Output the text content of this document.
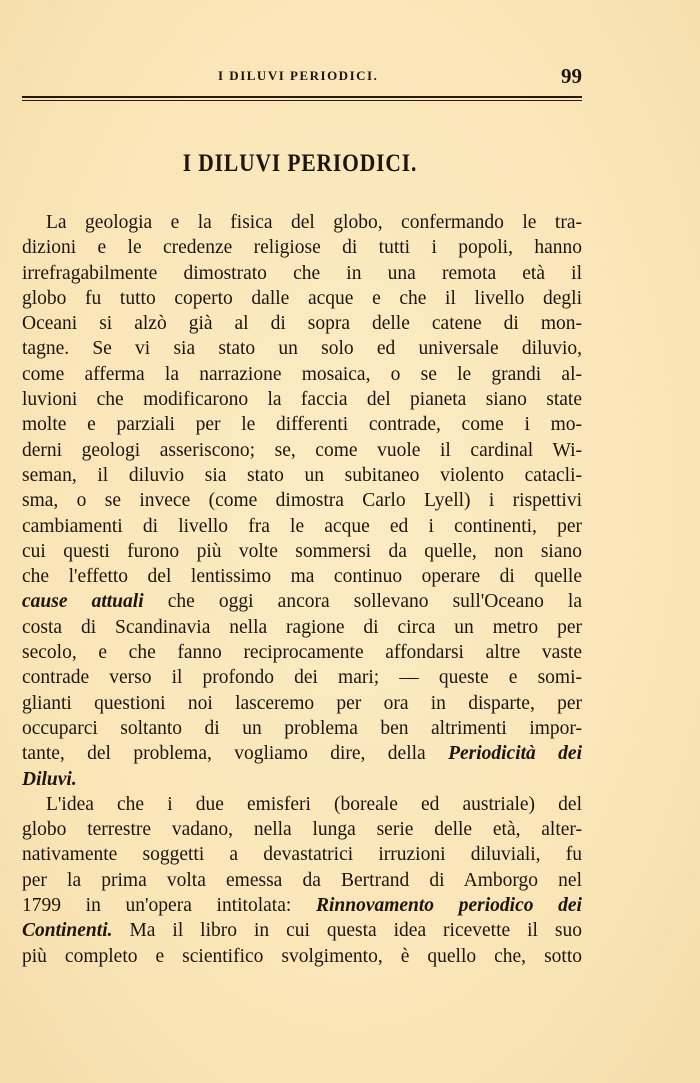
I DILUVI PERIODICI.	99
I DILUVI PERIODICI.
La geologia e la fisica del globo, confermando le tra-
dizioni e le credenze religiose di tutti i popoli, hanno
irrefragabilmente dimostrato che in una remota età il
globo fu tutto coperto dalle acque e che il livello degli
Oceani si alzò già al di sopra delle catene di mon-
tagne. Se vi sia stato un solo ed universale diluvio,
come afferma la narrazione mosaica, o se le grandi al-
luvioni che modificarono la faccia del pianeta siano state
molte e parziali per le differenti contrade, come i mo-
derni geologi asseriscono; se, come vuole il cardinal Wi-
seman, il diluvio sia stato un subitaneo violento catacli-
sma, o se invece (come dimostra Carlo Lyell) i rispettivi
cambiamenti di livello fra le acque ed i continenti, per
cui questi furono più volte sommersi da quelle, non siano
che l'effetto del lentissimo ma continuo operare di quelle
cause attuali che oggi ancora sollevano sull'Oceano la
costa di Scandinavia nella ragione di circa un metro per
secolo, e che fanno reciprocamente affondarsi altre vaste
contrade verso il profondo dei mari; — queste e somi-
glianti questioni noi lasceremo per ora in disparte, per
occuparci soltanto di un problema ben altrimenti impor-
tante, del problema, vogliamo dire, della Periodicità dei
Diluvi.
L'idea che i due emisferi (boreale ed austriale) del
globo terrestre vadano, nella lunga serie delle età, alter-
nativamente soggetti a devastatrici irruzioni diluviali, fu
per la prima volta emessa da Bertrand di Amborgo nel
1799 in un'opera intitolata: Rinnovamento periodico dei
Continenti. Ma il libro in cui questa idea ricevette il suo
più completo e scientifico svolgimento, è quello che, sotto
